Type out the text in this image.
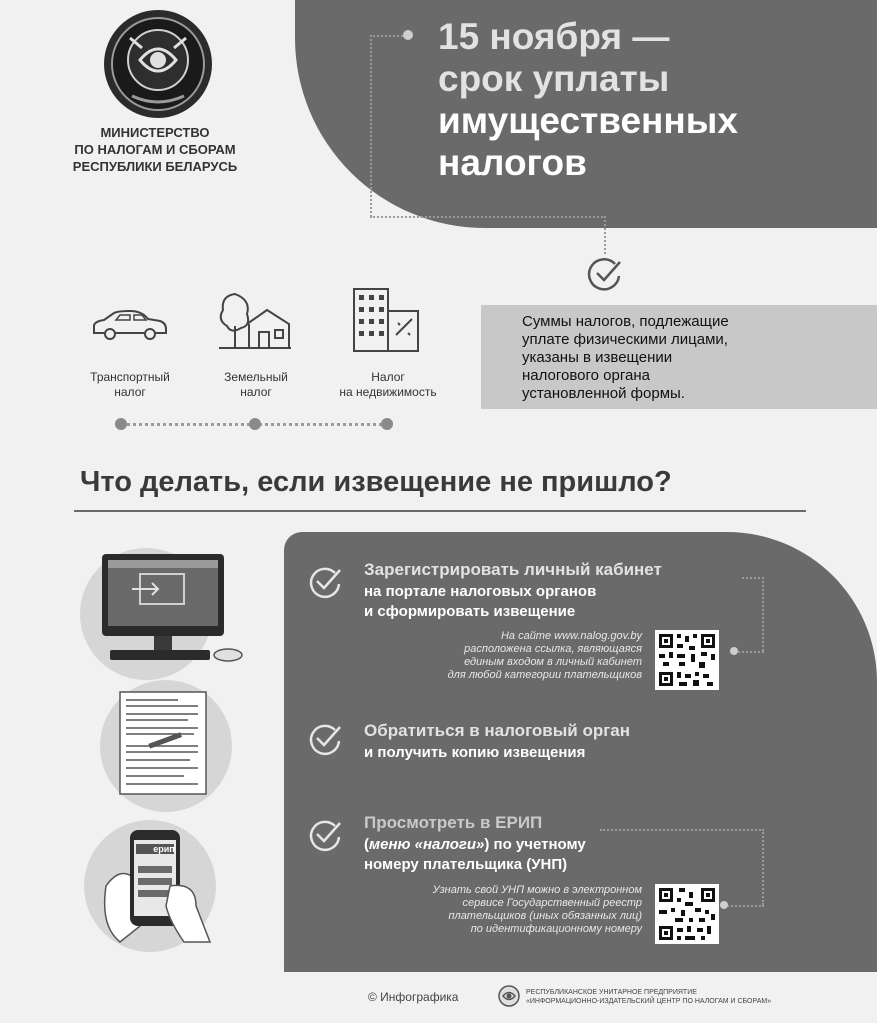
МИНИСТЕРСТВО
ПО НАЛОГАМ И СБОРАМ
РЕСПУБЛИКИ БЕЛАРУСЬ
15 ноября —
срок уплаты
имущественных
налогов
Суммы налогов, подлежащие
уплате физическими лицами,
указаны в извещении
налогового органа
установленной формы.
Транспортный
налог
Земельный
налог
Налог
на недвижимость
Что делать, если извещение не пришло?
ерип
Зарегистрировать личный кабинет
на портале налоговых органов
и сформировать извещение
На сайте www.nalog.gov.by
расположена ссылка, являющаяся
единым входом в личный кабинет
для любой категории плательщиков
Обратиться в налоговый орган
и получить копию извещения
Просмотреть в ЕРИП
(меню «налоги») по учетному
номеру плательщика (УНП)
Узнать свой УНП можно в электронном
сервисе Государственный реестр
плательщиков (иных обязанных лиц)
по идентификационному номеру
© Инфографика	РЕСПУБЛИКАНСКОЕ УНИТАРНОЕ ПРЕДПРИЯТИЕ
«ИНФОРМАЦИОННО-ИЗДАТЕЛЬСКИЙ ЦЕНТР ПО НАЛОГАМ И СБОРАМ»
